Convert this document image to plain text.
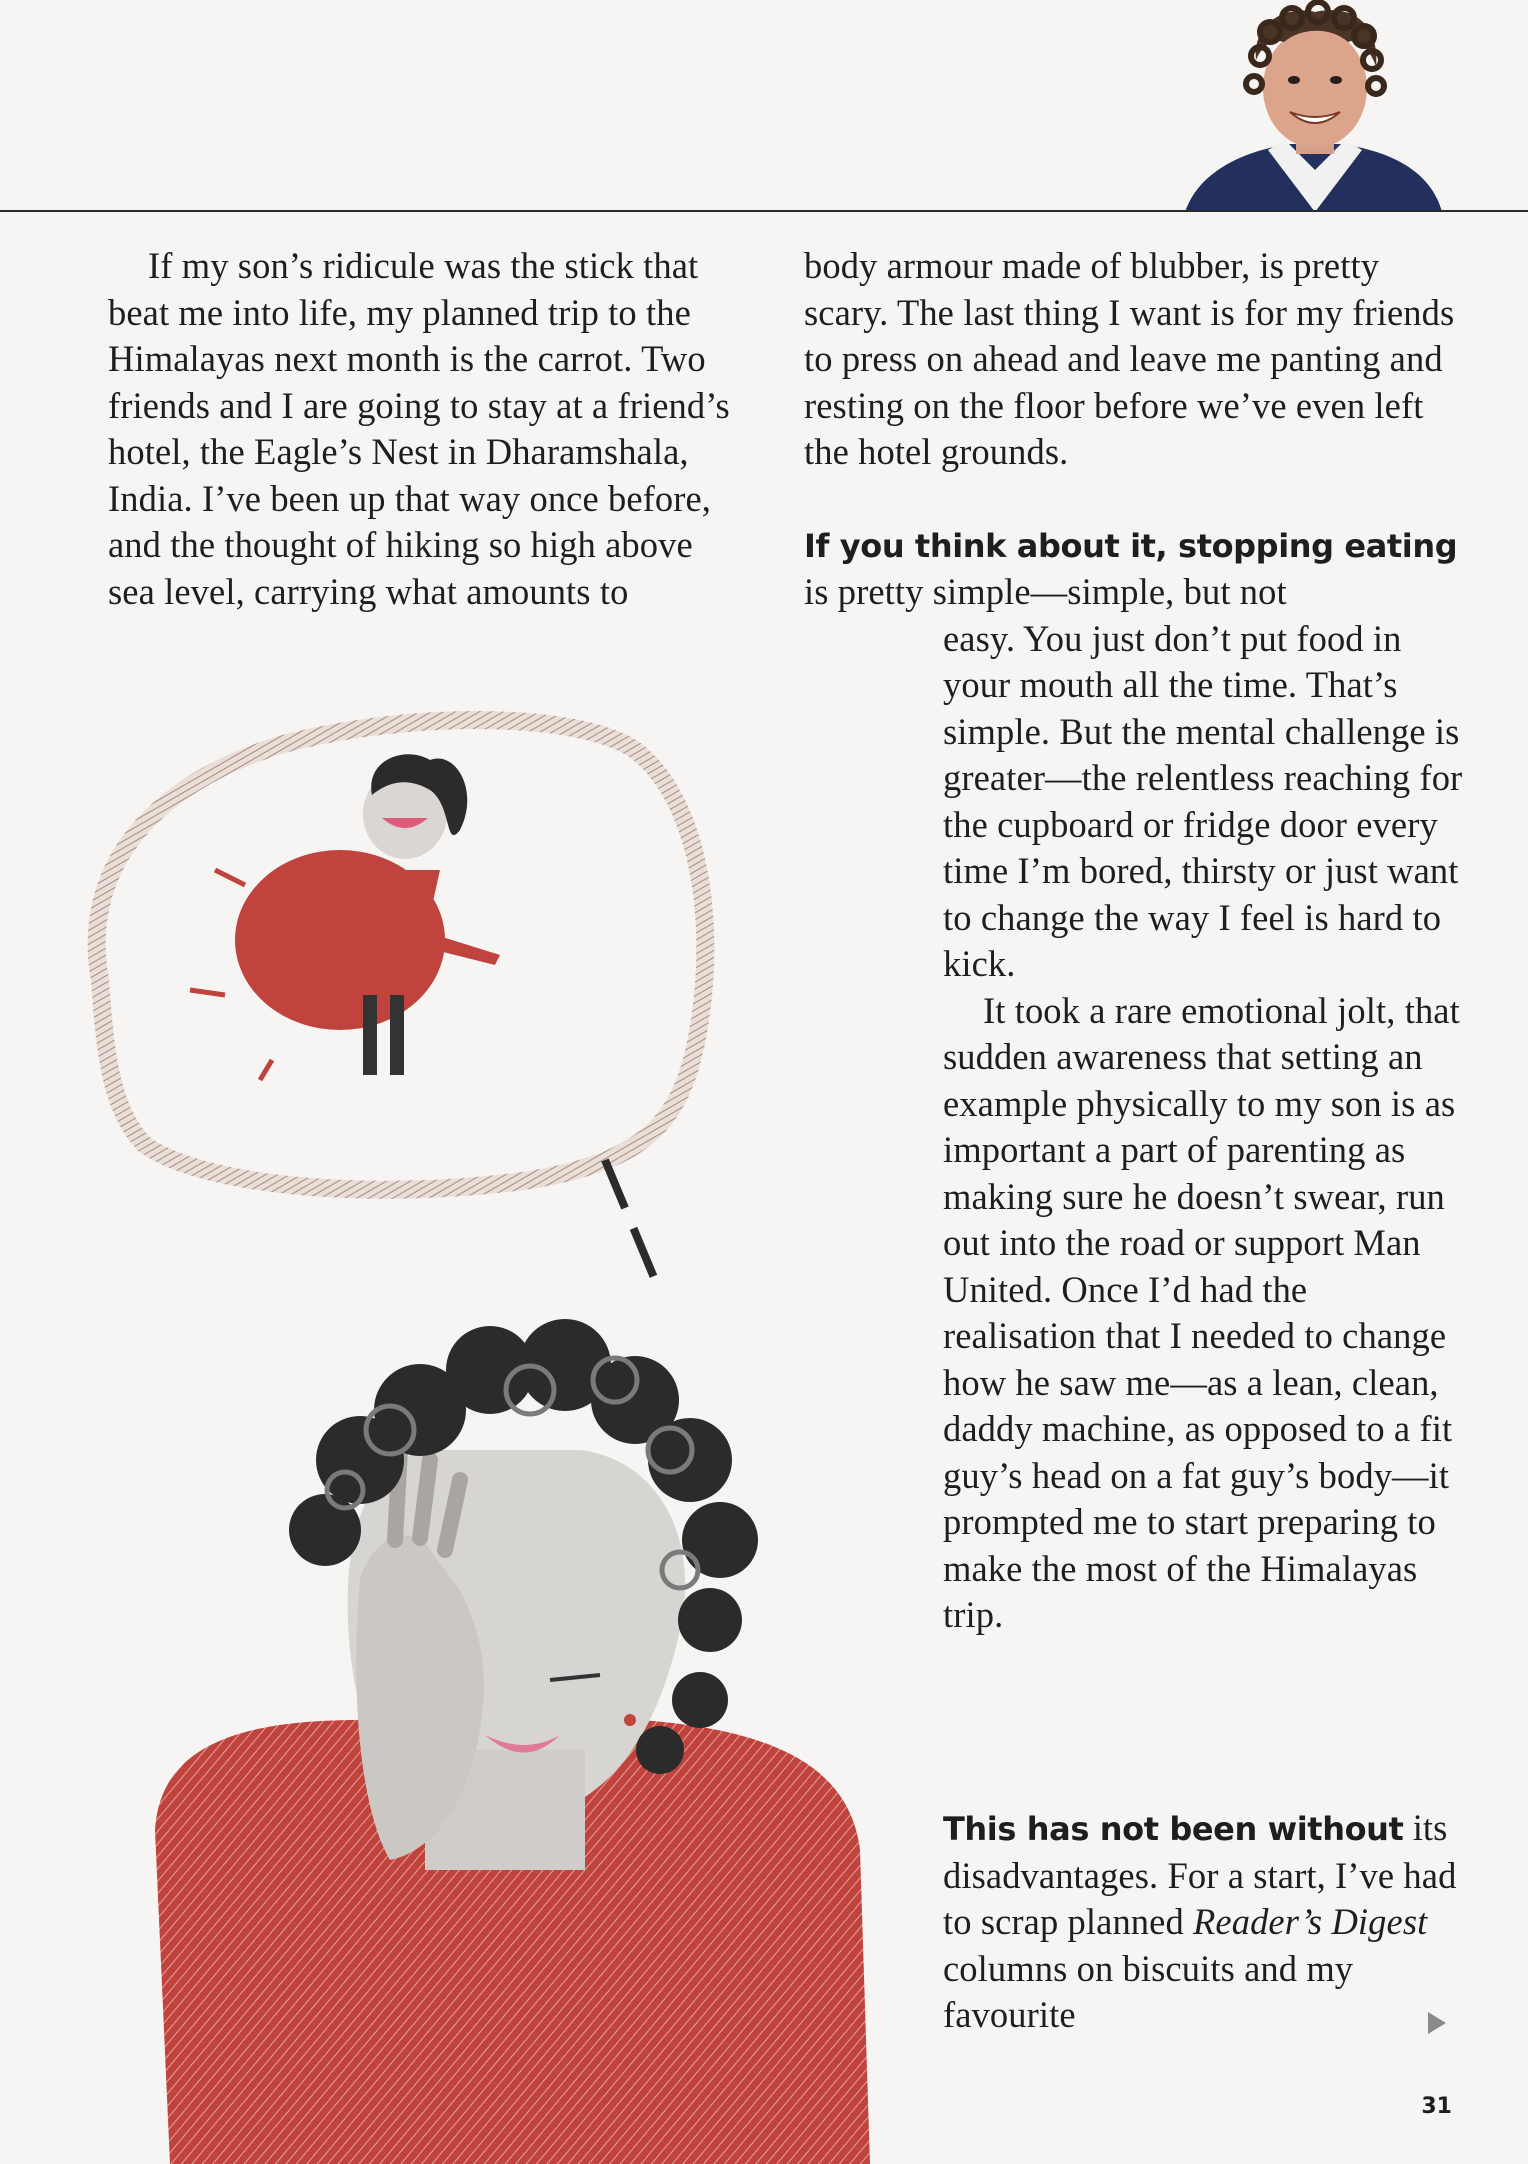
If my son’s ridicule was the stick that beat me into life, my planned trip to the Himalayas next month is the carrot. Two friends and I are going to stay at a friend’s hotel, the Eagle’s Nest in Dharamshala, India. I’ve been up that way once before, and the thought of hiking so high above sea level, carrying what amounts to

body armour made of blubber, is pretty scary. The last thing I want is for my friends to press on ahead and leave me panting and resting on the floor before we’ve even left the hotel grounds.

If you think about it, stopping eating
is pretty simple—simple, but not

easy. You just don’t put food in your mouth all the time. That’s simple. But the mental challenge is greater—the relentless reaching for the cupboard or fridge door every time I’m bored, thirsty or just want to change the way I feel is hard to kick.

It took a rare emotional jolt, that sudden awareness that setting an example physically to my son is as important a part of parenting as making sure he doesn’t swear, run out into the road or support Man United. Once I’d had the realisation that I needed to change how he saw me—as a lean, clean, daddy machine, as opposed to a fit guy’s head on a fat guy’s body—it prompted me to start preparing to make the most of the Himalayas trip.

This has not been without its disadvantages. For a start, I’ve had to scrap planned Reader’s Digest columns on biscuits and my favourite

31
